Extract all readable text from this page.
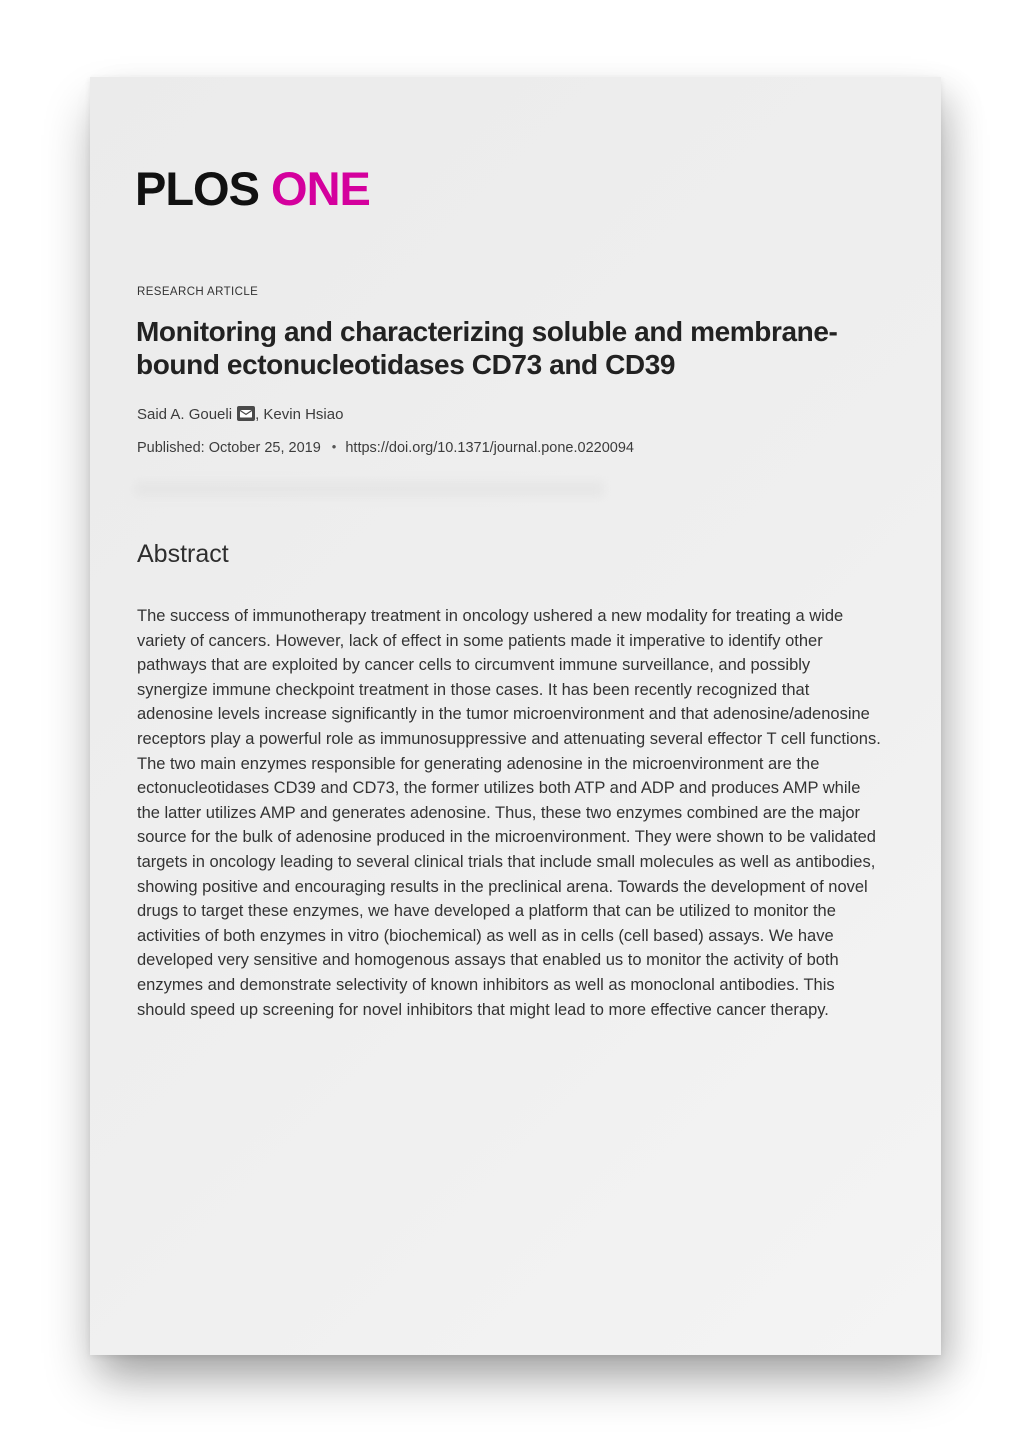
PLOS ONE
RESEARCH ARTICLE
Monitoring and characterizing soluble and membrane-bound ectonucleotidases CD73 and CD39
Said A. Goueli , Kevin Hsiao
Published: October 25, 2019 • https://doi.org/10.1371/journal.pone.0220094
Abstract

The success of immunotherapy treatment in oncology ushered a new modality for treating a wide variety of cancers. However, lack of effect in some patients made it imperative to identify other pathways that are exploited by cancer cells to circumvent immune surveillance, and possibly synergize immune checkpoint treatment in those cases. It has been recently recognized that adenosine levels increase significantly in the tumor microenvironment and that adenosine/adenosine receptors play a powerful role as immunosuppressive and attenuating several effector T cell functions. The two main enzymes responsible for generating adenosine in the microenvironment are the ectonucleotidases CD39 and CD73, the former utilizes both ATP and ADP and produces AMP while the latter utilizes AMP and generates adenosine. Thus, these two enzymes combined are the major source for the bulk of adenosine produced in the microenvironment. They were shown to be validated targets in oncology leading to several clinical trials that include small molecules as well as antibodies, showing positive and encouraging results in the preclinical arena. Towards the development of novel drugs to target these enzymes, we have developed a platform that can be utilized to monitor the activities of both enzymes in vitro (biochemical) as well as in cells (cell based) assays. We have developed very sensitive and homogenous assays that enabled us to monitor the activity of both enzymes and demonstrate selectivity of known inhibitors as well as monoclonal antibodies. This should speed up screening for novel inhibitors that might lead to more effective cancer therapy.
